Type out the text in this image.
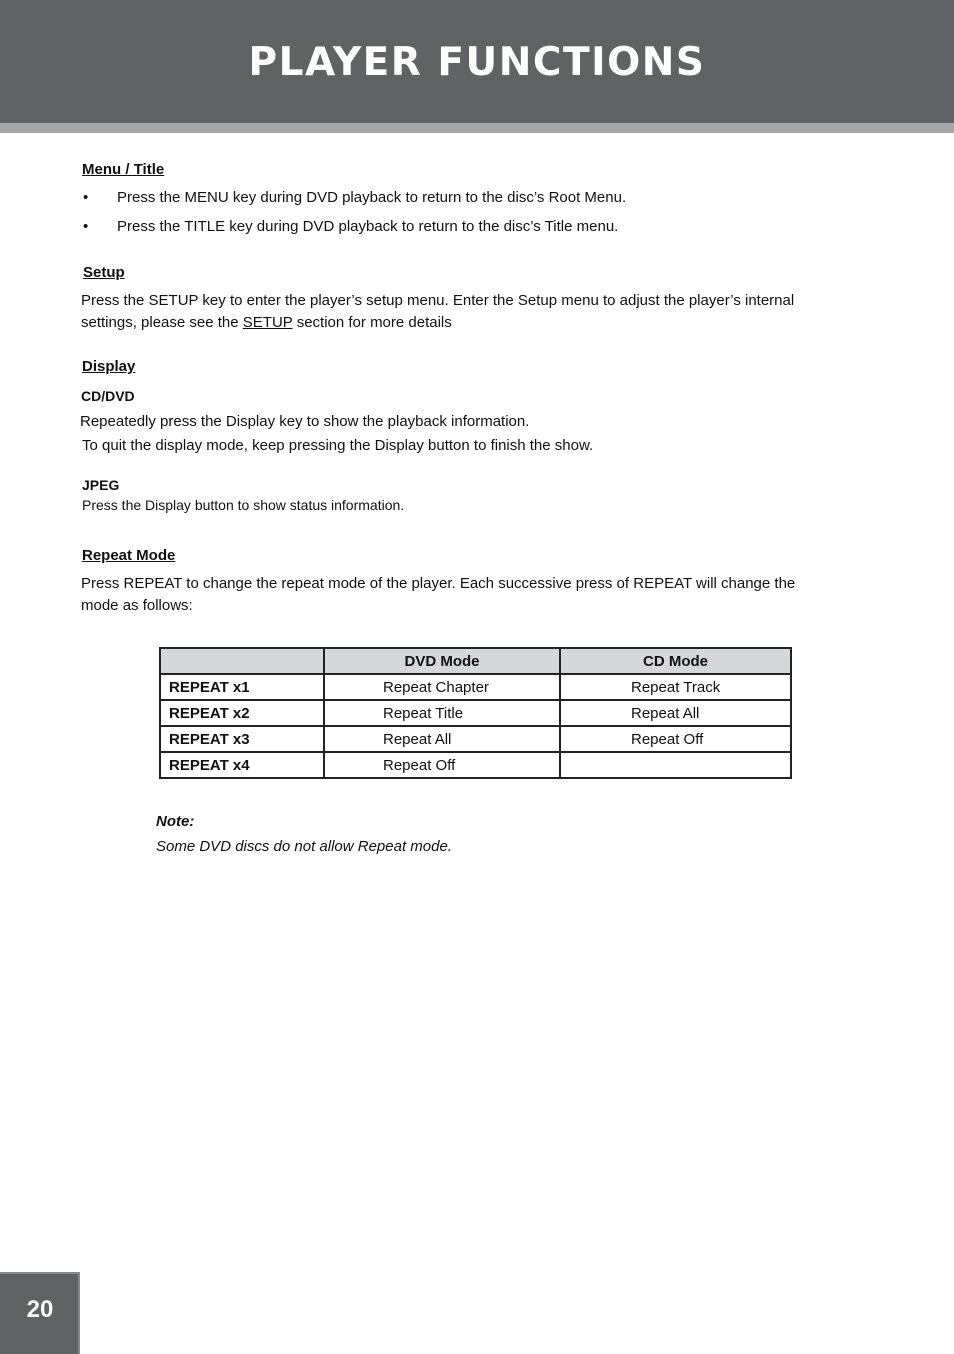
PLAYER FUNCTIONS
Menu / Title
• Press the MENU key during DVD playback to return to the disc’s Root Menu.
• Press the TITLE key during DVD playback to return to the disc’s Title menu.
Setup
Press the SETUP key to enter the player’s setup menu. Enter the Setup menu to adjust the player’s internal
settings, please see the SETUP section for more details
Display
CD/DVD
Repeatedly press the Display key to show the playback information.
To quit the display mode, keep pressing the Display button to finish the show.
JPEG
Press the Display button to show status information.
Repeat Mode
Press REPEAT to change the repeat mode of the player. Each successive press of REPEAT will change the
mode as follows:
	DVD Mode	CD Mode
REPEAT x1	Repeat Chapter	Repeat Track
REPEAT x2	Repeat Title	Repeat All
REPEAT x3	Repeat All	Repeat Off
REPEAT x4	Repeat Off	
Note:
Some DVD discs do not allow Repeat mode.
20
